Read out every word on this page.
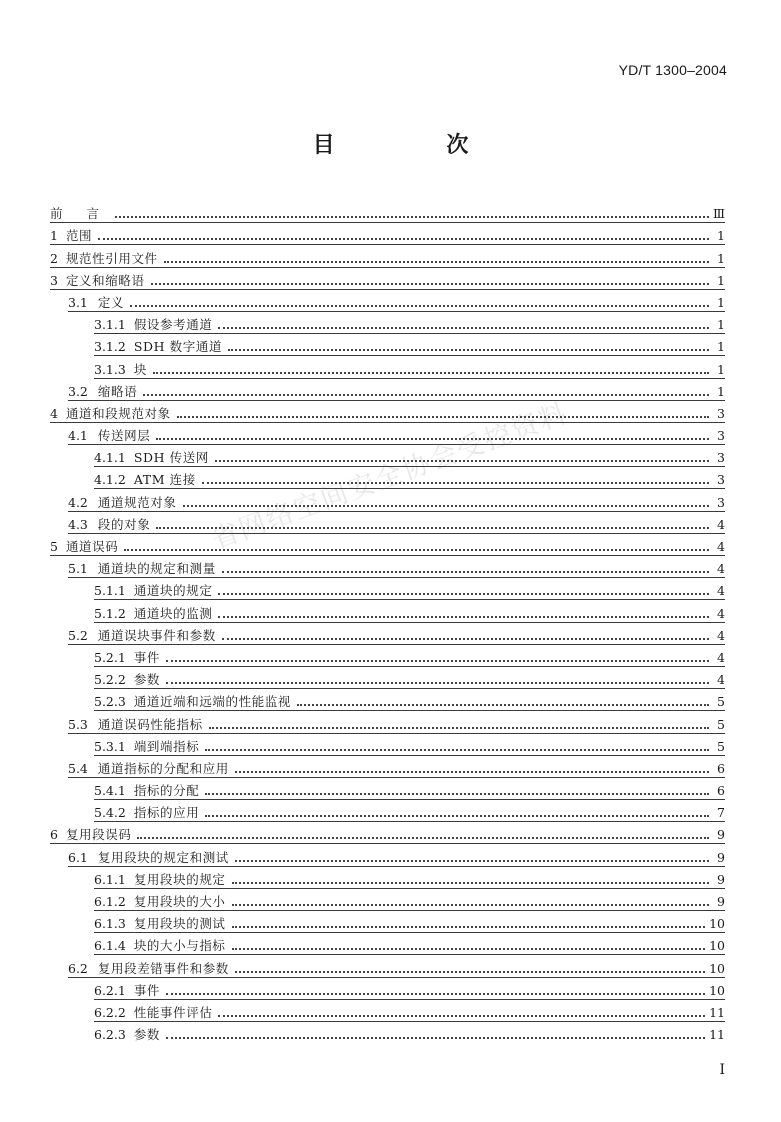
YD/T 1300–2004
目 次
省网络空间安全协会受控资料
前 言	Ⅲ
1 范围	1
2 规范性引用文件	1
3 定义和缩略语	1
3.1 定义	1
3.1.1 假设参考通道	1
3.1.2 SDH 数字通道	1
3.1.3 块	1
3.2 缩略语	1
4 通道和段规范对象	3
4.1 传送网层	3
4.1.1 SDH 传送网	3
4.1.2 ATM 连接	3
4.2 通道规范对象	3
4.3 段的对象	4
5 通道误码	4
5.1 通道块的规定和测量	4
5.1.1 通道块的规定	4
5.1.2 通道块的监测	4
5.2 通道误块事件和参数	4
5.2.1 事件	4
5.2.2 参数	4
5.2.3 通道近端和远端的性能监视	5
5.3 通道误码性能指标	5
5.3.1 端到端指标	5
5.4 通道指标的分配和应用	6
5.4.1 指标的分配	6
5.4.2 指标的应用	7
6 复用段误码	9
6.1 复用段块的规定和测试	9
6.1.1 复用段块的规定	9
6.1.2 复用段块的大小	9
6.1.3 复用段块的测试	10
6.1.4 块的大小与指标	10
6.2 复用段差错事件和参数	10
6.2.1 事件	10
6.2.2 性能事件评估	11
6.2.3 参数	11
I
